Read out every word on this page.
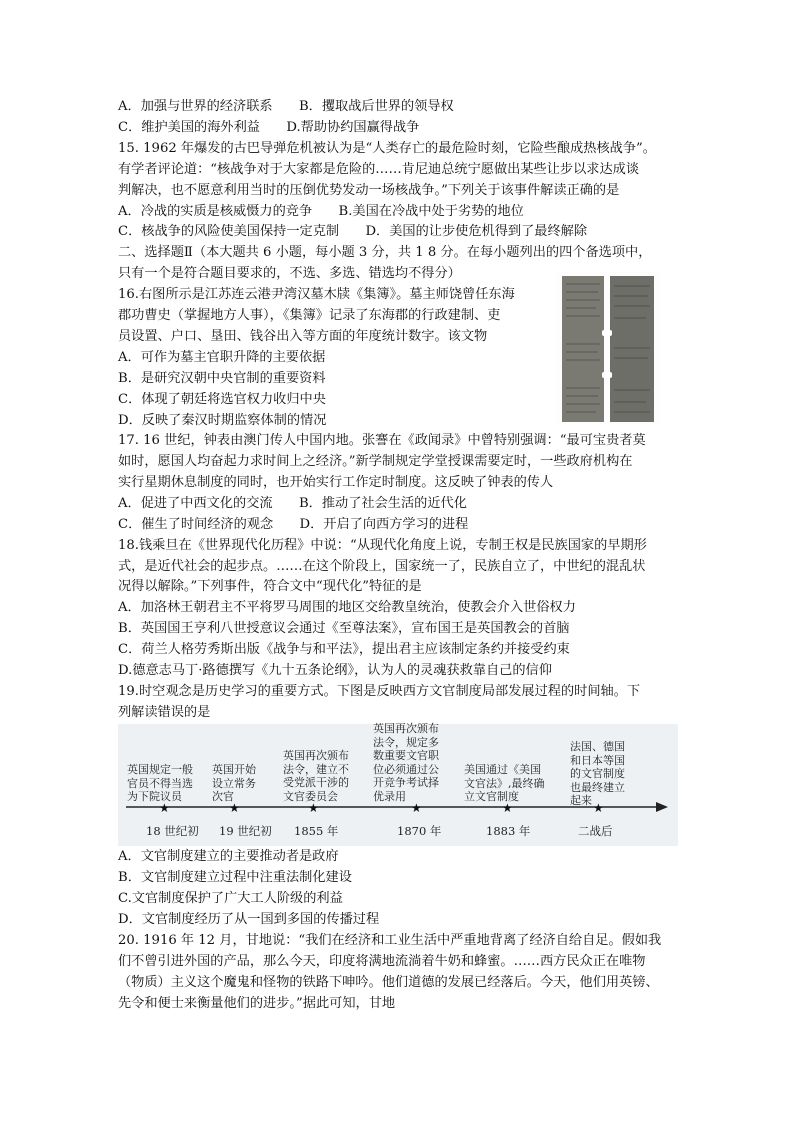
A．加强与世界的经济联系　　B．攫取战后世界的领导权
C．维护美国的海外利益　　D.帮助协约国赢得战争
15. 1962 年爆发的古巴导弹危机被认为是“人类存亡的最危险时刻，它险些酿成热核战争”。
有学者评论道：“核战争对于大家都是危险的……肯尼迪总统宁愿做出某些让步以求达成谈
判解决，也不愿意利用当时的压倒优势发动一场核战争。”下列关于该事件解读正确的是
A．冷战的实质是核威慑力的竞争　　B.美国在冷战中处于劣势的地位
C．核战争的风险使美国保持一定克制　　D．美国的让步使危机得到了最终解除
二、选择题Ⅱ（本大题共 6 小题，每小题 3 分，共 1 8 分。在每小题列出的四个备选项中，
只有一个是符合题目要求的，不选、多选、错选均不得分）
16.右图所示是江苏连云港尹湾汉墓木牍《集簿》。墓主师饶曾任东海
郡功曹史（掌握地方人事），《集簿》记录了东海郡的行政建制、吏
员设置、户口、垦田、钱谷出入等方面的年度统计数字。该文物
A．可作为墓主官职升降的主要依据
B．是研究汉朝中央官制的重要资料
C．体现了朝廷将选官权力收归中央
D．反映了秦汉时期监察体制的情况
17. 16 世纪，钟表由澳门传人中国内地。张謇在《政闻录》中曾特别强调：“最可宝贵者莫
如时，愿国人均奋起力求时间上之经济。”新学制规定学堂授课需要定时，一些政府机构在
实行星期休息制度的同时，也开始实行工作定时制度。这反映了钟表的传人
A．促进了中西文化的交流　　B．推动了社会生活的近代化
C．催生了时间经济的观念　　D．开启了向西方学习的进程
18.钱乘旦在《世界现代化历程》中说：“从现代化角度上说，专制王权是民族国家的早期形
式，是近代社会的起步点。……在这个阶段上，国家统一了，民族自立了，中世纪的混乱状
况得以解除。”下列事件，符合文中“现代化”特征的是
A．加洛林王朝君主不平将罗马周围的地区交给教皇统治，使教会介入世俗权力
B．英国国王亨利八世授意议会通过《至尊法案》，宣布国王是英国教会的首脑
C．荷兰人格劳秀斯出版《战争与和平法》，提出君主应该制定条约并接受约束
D.德意志马丁·路德撰写《九十五条论纲》，认为人的灵魂获救靠自己的信仰
19.时空观念是历史学习的重要方式。下图是反映西方文官制度局部发展过程的时间轴。下
列解读错误的是
英国规定一般
官员不得当选
为下院议员
英国开始
设立常务
次官
英国再次颁布
法令，建立不
受党派干涉的
文官委员会
英国再次颁布
法令，规定多
数重要文官职
位必须通过公
开竞争考试择
优录用
美国通过《美国
文官法》,最终确
立文官制度
法国、德国
和日本等国
的文官制度
也最终建立
起来
★	★	★	★	★	★
18 世纪初 19 世纪初 1855 年	1870 年	1883 年	二战后
A．文官制度建立的主要推动者是政府
B．文官制度建立过程中注重法制化建设
C.文官制度保护了广大工人阶级的利益
D．文官制度经历了从一国到多国的传播过程
20. 1916 年 12 月，甘地说：“我们在经济和工业生活中严重地背离了经济自给自足。假如我
们不曾引进外国的产品，那么今天，印度将满地流淌着牛奶和蜂蜜。……西方民众正在唯物
（物质）主义这个魔鬼和怪物的铁路下呻吟。他们道德的发展已经落后。今天，他们用英镑、
先令和便士来衡量他们的进步。”据此可知，甘地
